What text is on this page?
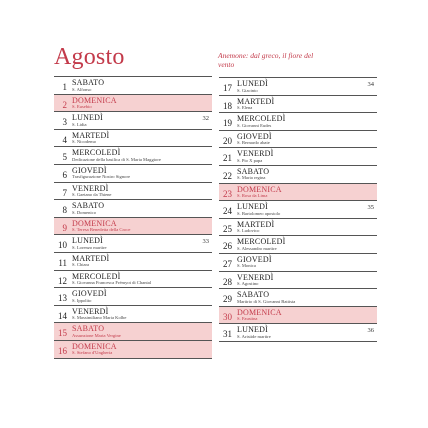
Agosto	Anemone: dal greco, il fiore del vento
1 SABATO
S. Alfonso
2 DOMENICA
S. Eusebio
3 LUNEDÌ
S. Lidia
32
4 MARTEDÌ
S. Nicodemo
5 MERCOLEDÌ
Dedicazione della basilica di S. Maria Maggiore
6 GIOVEDÌ
Trasfigurazione Nostro Signore
7 VENERDÌ
S. Gaetano da Thiene
8 SABATO
S. Domenico
9 DOMENICA
S. Teresa Benedetta della Croce
10 LUNEDÌ
S. Lorenzo martire
33
11 MARTEDÌ
S. Chiara
12 MERCOLEDÌ
S. Giovanna Francesca Frémyot di Chantal
13 GIOVEDÌ
S. Ippolito
14 VENERDÌ
S. Massimiliano Maria Kolbe
15 SABATO
Assunzione Maria Vergine
16 DOMENICA
S. Stefano d'Ungheria
17 LUNEDÌ
S. Giacinto
34
18 MARTEDÌ
S. Elena
19 MERCOLEDÌ
S. Giovanni Eudes
20 GIOVEDÌ
S. Bernardo abate
21 VENERDÌ
S. Pio X papa
22 SABATO
S. Maria regina
23 DOMENICA
S. Rosa da Lima
24 LUNEDÌ
S. Bartolomeo apostolo
35
25 MARTEDÌ
S. Ludovico
26 MERCOLEDÌ
S. Alessandro martire
27 GIOVEDÌ
S. Monica
28 VENERDÌ
S. Agostino
29 SABATO
Martirio di S. Giovanni Battista
30 DOMENICA
S. Faustina
31 LUNEDÌ
S. Aristide martire
36
